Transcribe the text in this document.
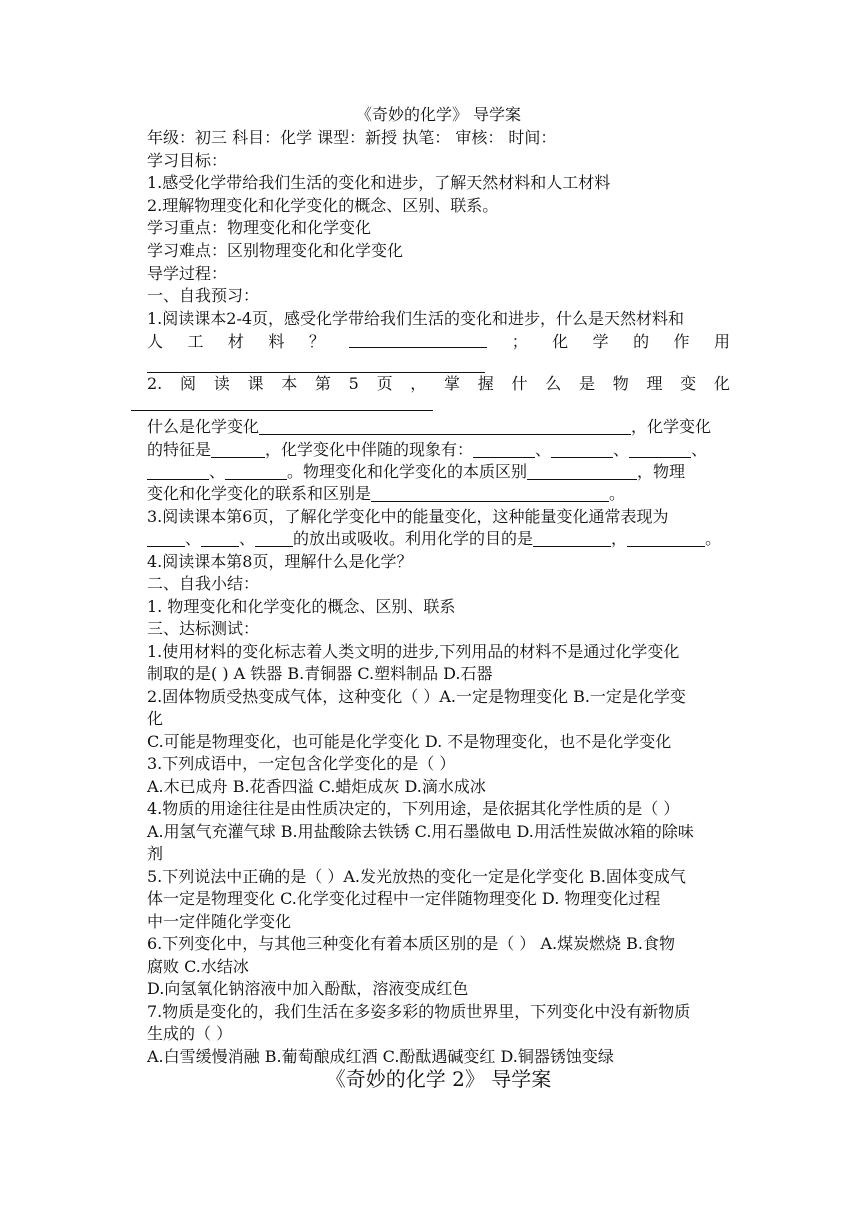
《奇妙的化学》 导学案
年级：初三 科目：化学 课型：新授 执笔： 审核： 时间：
学习目标：
1.感受化学带给我们生活的变化和进步，了解天然材料和人工材料
2.理解物理变化和化学变化的概念、区别、联系。
学习重点：物理变化和化学变化
学习难点：区别物理变化和化学变化
导学过程：
一、自我预习：
1.阅读课本2-4页，感受化学带给我们生活的变化和进步，什么是天然材料和
人 工 材 料 ？	； 化 学 的 作 用
2. 阅 读 课 本 第 5 页 ， 掌 握 什 么 是 物 理 变 化
什么是化学变化	，化学变化
的特征是	，化学变化中伴随的现象有：	、	、	、
、	。物理变化和化学变化的本质区别	，物理
变化和化学变化的联系和区别是	。
3.阅读课本第6页，了解化学变化中的能量变化，这种能量变化通常表现为
、 、 的放出或吸收。利用化学的目的是	，	。
4.阅读课本第8页，理解什么是化学？
二、自我小结：
1. 物理变化和化学变化的概念、区别、联系
三、达标测试：
1.使用材料的变化标志着人类文明的进步,下列用品的材料不是通过化学变化
制取的是( ) A 铁器 B.青铜器 C.塑料制品 D.石器
2.固体物质受热变成气体，这种变化（ ）A.一定是物理变化 B.一定是化学变
化
C.可能是物理变化，也可能是化学变化 D. 不是物理变化，也不是化学变化
3.下列成语中，一定包含化学变化的是（ ）
A.木已成舟 B.花香四溢 C.蜡炬成灰 D.滴水成冰
4.物质的用途往往是由性质决定的，下列用途，是依据其化学性质的是（ ）
A.用氢气充灌气球 B.用盐酸除去铁锈 C.用石墨做电 D.用活性炭做冰箱的除味
剂
5.下列说法中正确的是（ ）A.发光放热的变化一定是化学变化 B.固体变成气
体一定是物理变化 C.化学变化过程中一定伴随物理变化 D. 物理变化过程
中一定伴随化学变化
6.下列变化中，与其他三种变化有着本质区别的是（ ） A.煤炭燃烧 B.食物
腐败 C.水结冰
D.向氢氧化钠溶液中加入酚酞，溶液变成红色
7.物质是变化的，我们生活在多姿多彩的物质世界里，下列变化中没有新物质
生成的（ ）
A.白雪缓慢消融 B.葡萄酿成红酒 C.酚酞遇碱变红 D.铜器锈蚀变绿
《奇妙的化学 2》 导学案
